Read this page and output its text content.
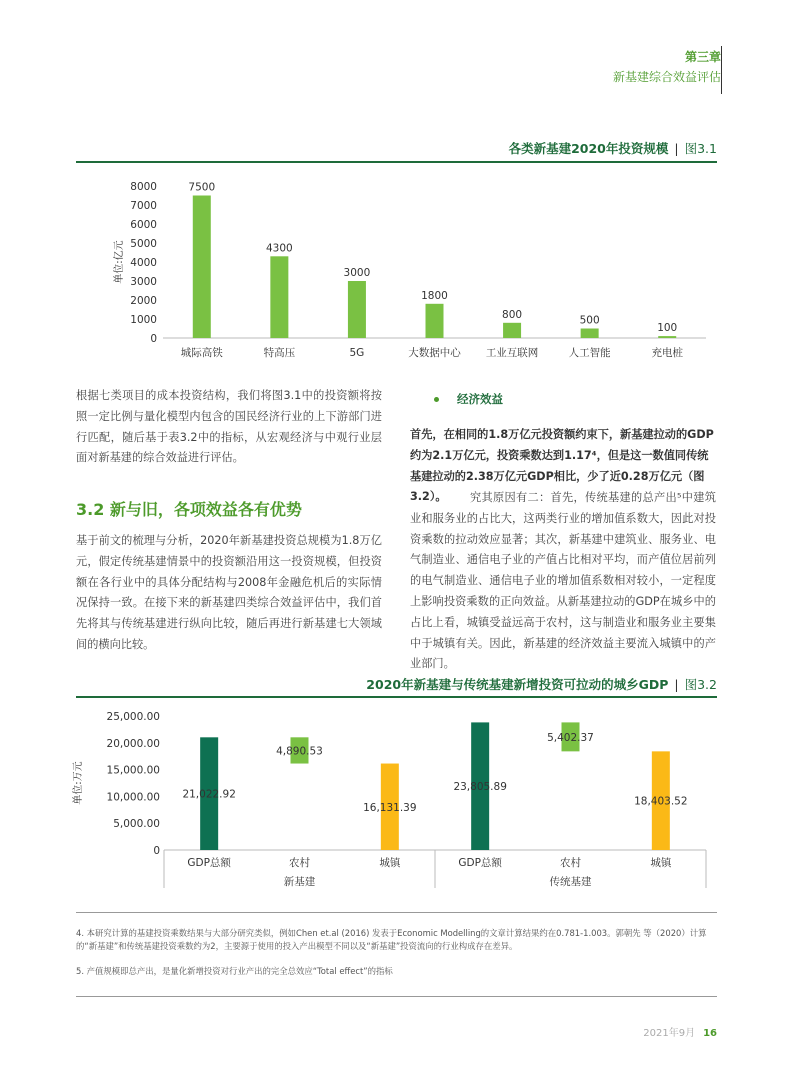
第三章
新基建综合效益评估
各类新基建2020年投资规模 | 图3.1
8000
7000
6000
5000
4000
3000
2000
1000
0
单位:亿元
7500
城际高铁
4300
特高压
3000
5G
1800
大数据中心
800
工业互联网
500
人工智能
100
充电桩
根据七类项目的成本投资结构，我们将图3.1中的投资额将按照一定比例与量化模型内包含的国民经济行业的上下游部门进行匹配，随后基于表3.2中的指标，从宏观经济与中观行业层面对新基建的综合效益进行评估。
3.2 新与旧，各项效益各有优势
基于前文的梳理与分析，2020年新基建投资总规模为1.8万亿元，假定传统基建情景中的投资额沿用这一投资规模，但投资额在各行业中的具体分配结构与2008年金融危机后的实际情况保持一致。在接下来的新基建四类综合效益评估中，我们首先将其与传统基建进行纵向比较，随后再进行新基建七大领域间的横向比较。
经济效益
首先，在相同的1.8万亿元投资额约束下，新基建拉动的GDP约为2.1万亿元，投资乘数达到1.17⁴，但是这一数值同传统基建拉动的2.38万亿元GDP相比，少了近0.28万亿元（图3.2）。	究其原因有二：首先，传统基建的总产出⁵中建筑业和服务业的占比大，这两类行业的增加值系数大，因此对投资乘数的拉动效应显著；其次，新基建中建筑业、服务业、电气制造业、通信电子业的产值占比相对平均，而产值位居前列的电气制造业、通信电子业的增加值系数相对较小，一定程度上影响投资乘数的正向效益。从新基建拉动的GDP在城乡中的占比上看，城镇受益远高于农村，这与制造业和服务业主要集中于城镇有关。因此，新基建的经济效益主要流入城镇中的产业部门。
2020年新基建与传统基建新增投资可拉动的城乡GDP | 图3.2
25,000.00
20,000.00
15,000.00
10,000.00
5,000.00
0
单位:万元	21,022.92
GDP总额
4,890.53
农村
16,131.39
城镇
23,805.89
GDP总额
5,402.37
农村
18,403.52
城镇
新基建	传统基建
4. 本研究计算的基建投资乘数结果与大部分研究类似，例如Chen et.al (2016) 发表于Economic Modelling的文章计算结果约在0.781-1.003。郭朝先 等（2020）计算的“新基建”和传统基建投资乘数约为2，主要源于使用的投入产出模型不同以及“新基建”投资流向的行业构成存在差异。
5. 产值规模即总产出，是量化新增投资对行业产出的完全总效应“Total effect”的指标
2021年9月 16
